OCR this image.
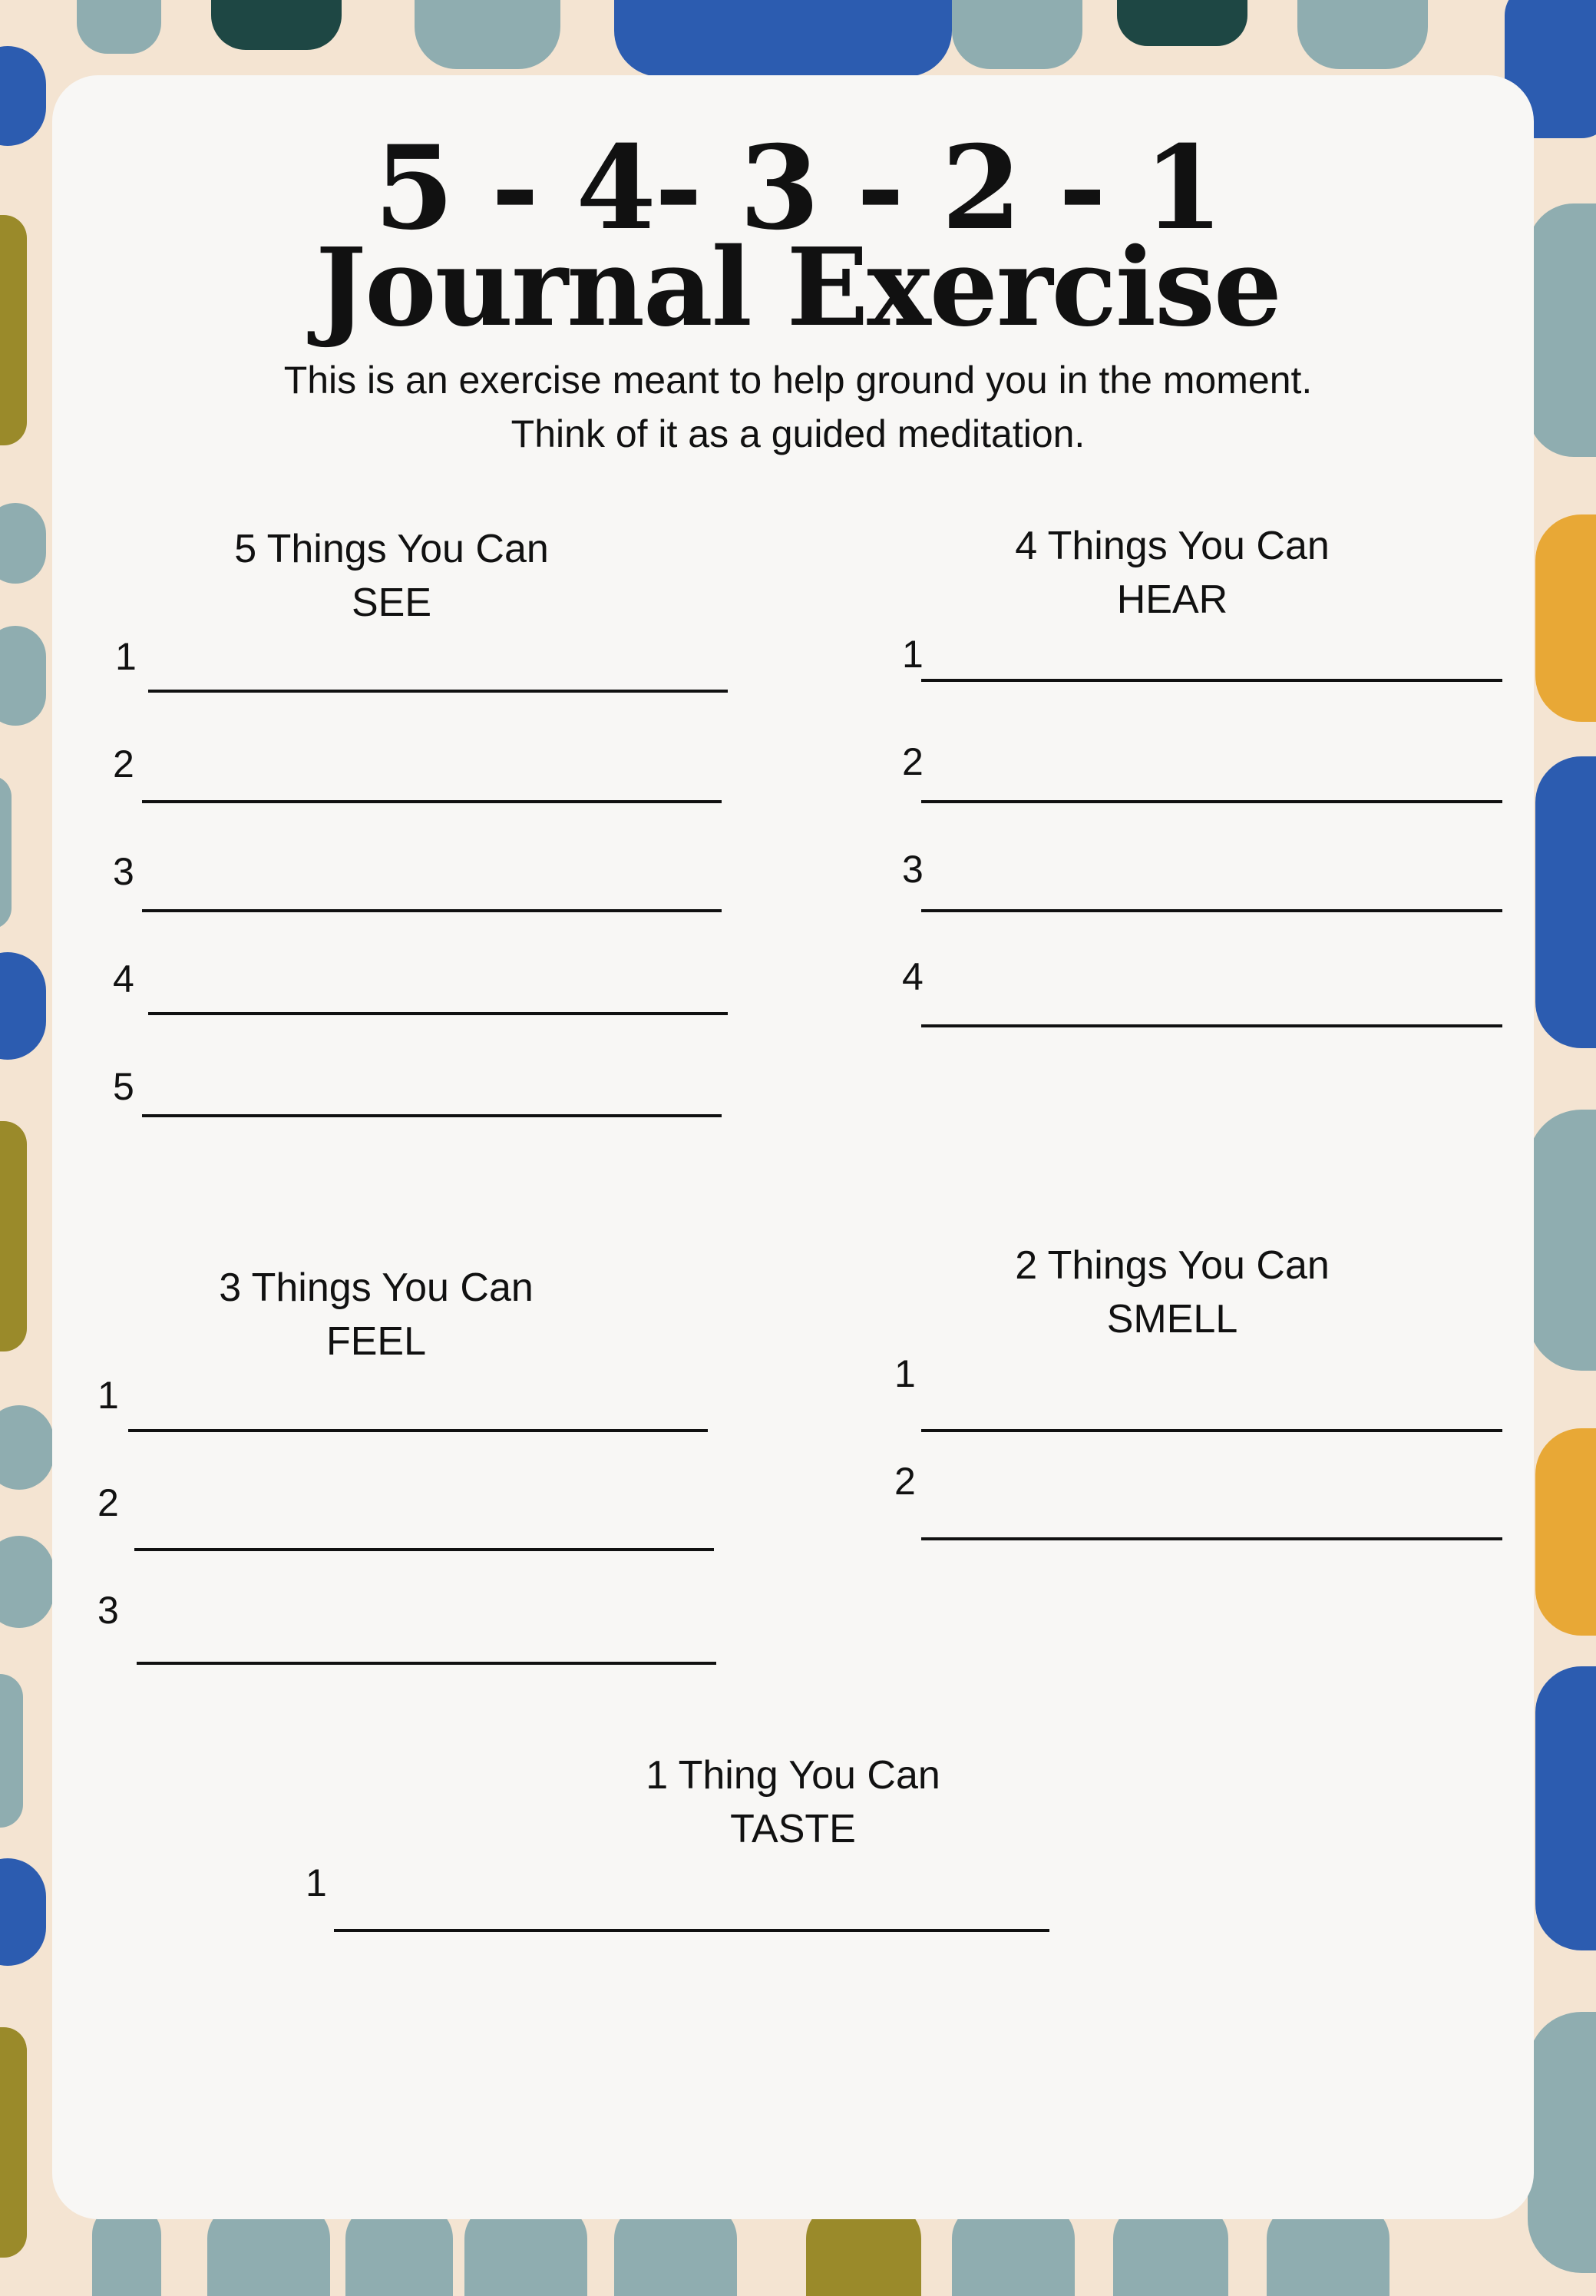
5 - 4- 3 - 2 - 1
Journal Exercise
This is an exercise meant to help ground you in the moment.
Think of it as a guided meditation.
5 Things You Can
SEE
1
2
3
4
5
4 Things You Can
HEAR
1
2
3
4
3 Things You Can
FEEL
1
2
3
2 Things You Can
SMELL
1
2
1 Thing You Can
TASTE
1
